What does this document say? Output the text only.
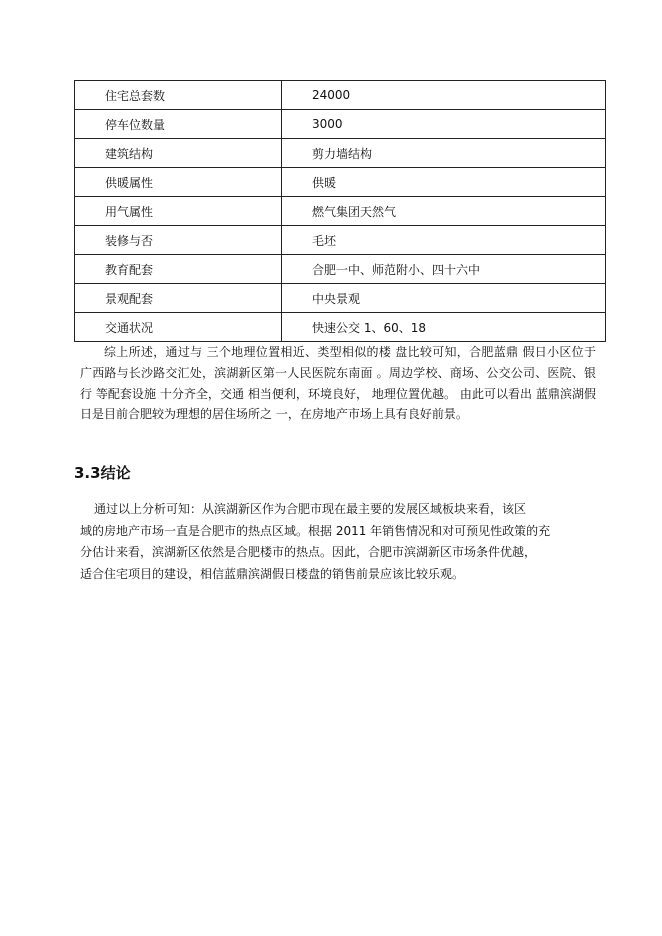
住宅总套数	24000
停车位数量	3000
建筑结构	剪力墙结构
供暖属性	供暖
用气属性	燃气集团天然气
装修与否	毛坯
教育配套	合肥一中、师范附小、四十六中
景观配套	中央景观
交通状况	快速公交 1、60、18

综上所述，通过与 三个地理位置相近、类型相似的楼 盘比较可知，合肥蓝鼎 假日小区位于 广西路与长沙路交汇处，滨湖新区第一人民医院东南面 。周边学校、商场、公交公司、医院、银行 等配套设施 十分齐全，交通 相当便利，环境良好， 地理位置优越。 由此可以看出 蓝鼎滨湖假日是目前合肥较为理想的居住场所之 一，在房地产市场上具有良好前景。

3.3结论

通过以上分析可知：从滨湖新区作为合肥市现在最主要的发展区域板块来看，该区
域的房地产市场一直是合肥市的热点区域。根据 2011 年销售情况和对可预见性政策的充
分估计来看，滨湖新区依然是合肥楼市的热点。因此，合肥市滨湖新区市场条件优越，
适合住宅项目的建设，相信蓝鼎滨湖假日楼盘的销售前景应该比较乐观。
